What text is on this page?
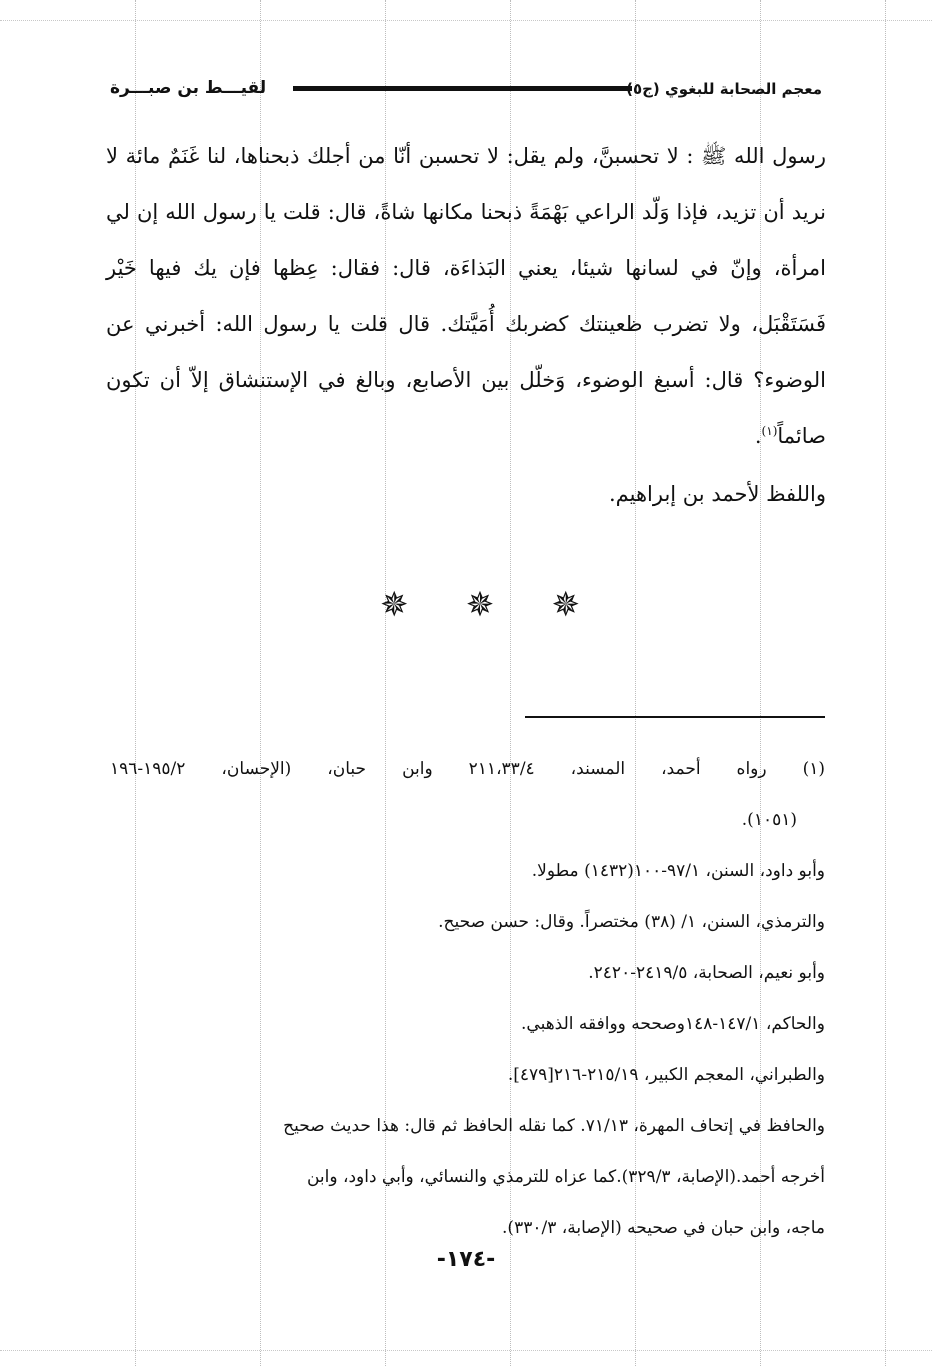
معجم الصحابة للبغوي (ج٥
لقيـــط بن صبـــرة

رسول الله ﷺ : لا تحسبنَّ، ولم يقل: لا تحسبن أنّا من أجلك ذبحناها، لنا غَنَمٌ مائة لا نريد أن تزيد، فإذا وَلّد الراعي بَهْمَةً ذبحنا مكانها شاةً، قال: قلت يا رسول الله إن لي امرأة، وإنّ في لسانها شيئا، يعني البَذاءَة، قال: فقال: عِظها فإن يك فيها خَيْر فَسَتَقْبَل، ولا تضرب ظعينتك كضربك أُمَيَّتك. قال قلت يا رسول الله: أخبرني عن الوضوء؟ قال: أسبغ الوضوء، وَخلّل بين الأصابع، وبالغ في الإستنشاق إلاّ أن تكون صائماً$^{(١)}$.

واللفظ لأحمد بن إبراهيم.

✵ ✵ ✵

(١) رواه أحمد، المسند، ٢١١،٣٣/٤ وابن حبان، (الإحسان، ١٩٥/٢-١٩٦

(١٠٥١).

وأبو داود، السنن، ٩٧/١-١٠٠(١٤٣٢) مطولا.

والترمذي، السنن، ١/ (٣٨) مختصراً. وقال: حسن صحيح.

وأبو نعيم، الصحابة، ٢٤١٩/٥-٢٤٢٠.

والحاكم، ١٤٧/١-١٤٨وصححه ووافقه الذهبي.

والطبراني، المعجم الكبير، ٢١٥/١٩-٢١٦[٤٧٩].

والحافظ في إتحاف المهرة، ٧١/١٣. كما نقله الحافظ ثم قال: هذا حديث صحيح

أخرجه أحمد.(الإصابة، ٣٢٩/٣).كما عزاه للترمذي والنسائي، وأبي داود، وابن

ماجه، وابن حبان في صحيحه (الإصابة، ٣٣٠/٣).

-١٧٤-
